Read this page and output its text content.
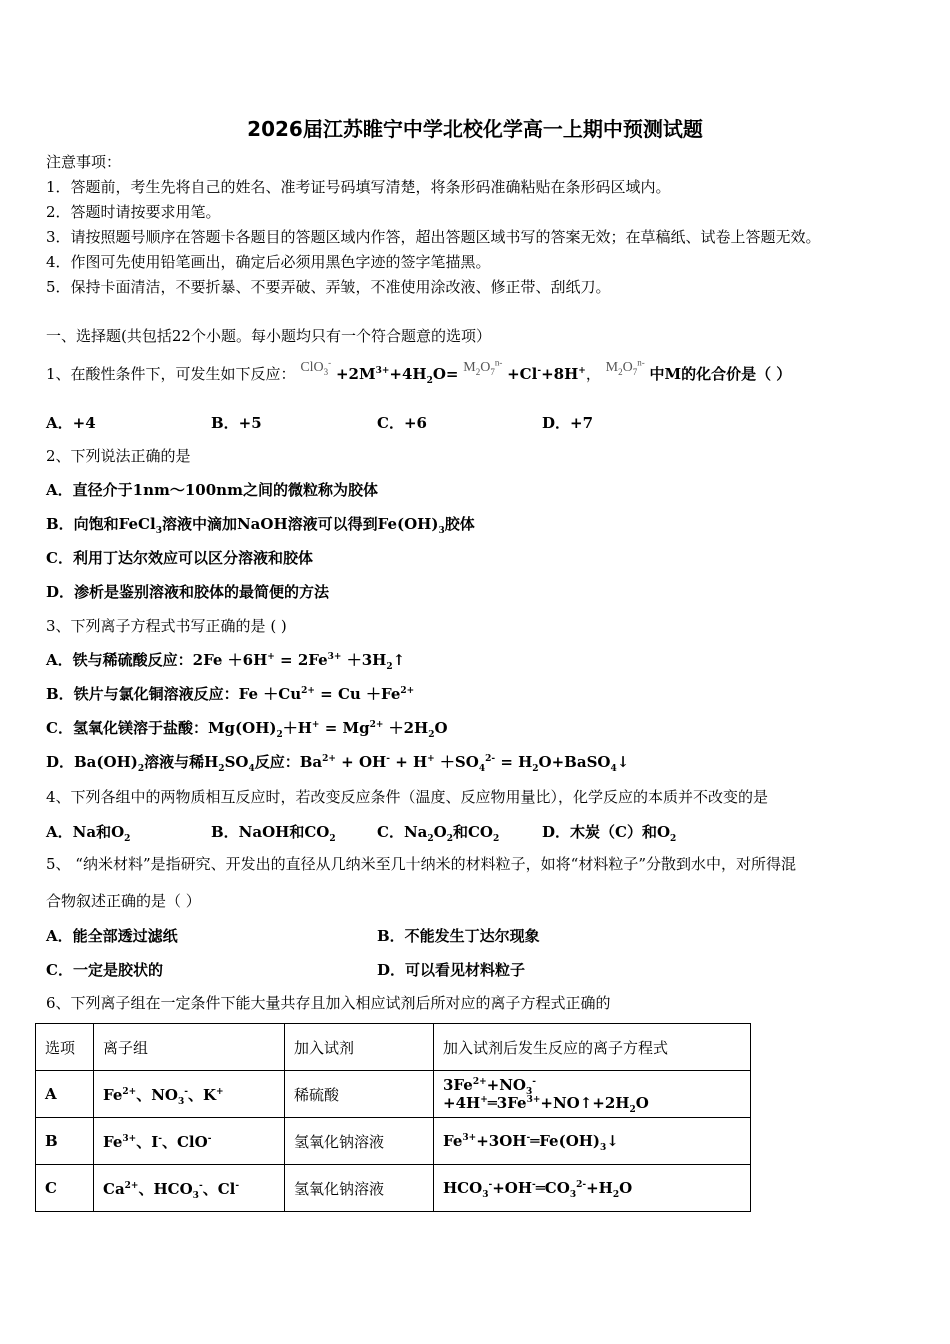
2026届江苏睢宁中学北校化学高一上期中预测试题
注意事项：
1．答题前，考生先将自己的姓名、准考证号码填写清楚，将条形码准确粘贴在条形码区域内。
2．答题时请按要求用笔。
3．请按照题号顺序在答题卡各题目的答题区域内作答，超出答题区域书写的答案无效；在草稿纸、试卷上答题无效。
4．作图可先使用铅笔画出，确定后必须用黑色字迹的签字笔描黑。
5．保持卡面清洁，不要折暴、不要弄破、弄皱，不准使用涂改液、修正带、刮纸刀。
一、选择题(共包括22个小题。每小题均只有一个符合题意的选项）
1、在酸性条件下，可发生如下反应： $ClO_3^- +2M^{3+}+4H_2O= M_2O_7^{n-} +Cl^-+8H^+$， $M_2O_7^{n-}$ 中M的化合价是（ ）
A．+4	B．+5	C．+6	D．+7
2、下列说法正确的是
A．直径介于1nm～100nm之间的微粒称为胶体
B．向饱和FeCl$_3$溶液中滴加NaOH溶液可以得到$Fe(OH)_3$胶体
C．利用丁达尔效应可以区分溶液和胶体
D．渗析是鉴别溶液和胶体的最简便的方法
3、下列离子方程式书写正确的是 ( )
A．铁与稀硫酸反应：$2Fe +6H^+ = 2Fe^{3+}$ $+3H_2↑$
B．铁片与氯化铜溶液反应：$Fe +Cu^{2+} = Cu +Fe^{2+}$
C．氢氧化镁溶于盐酸：$Mg(OH)_2+H^+ = Mg^{2+} +2H_2O$
D．$Ba(OH)_2$溶液与稀$H_2SO_4$反应：$Ba^{2+} + OH^- + H^+ +SO_4^{2-}$ = $H_2O+BaSO_4↓$
4、下列各组中的两物质相互反应时，若改变反应条件（温度、反应物用量比），化学反应的本质并不改变的是
A．Na和$O_2$	B．NaOH和$CO_2$	C．$Na_2O_2$和$CO_2$	D．木炭（C）和$O_2$
5、 “纳米材料”是指研究、开发出的直径从几纳米至几十纳米的材料粒子，如将“材料粒子”分散到水中，对所得混
合物叙述正确的是（ ）
A．能全部透过滤纸	B．不能发生丁达尔现象
C．一定是胶状的	D．可以看见材料粒子
6、下列离子组在一定条件下能大量共存且加入相应试剂后所对应的离子方程式正确的
选项	离子组	加入试剂	加入试剂后发生反应的离子方程式
A	$Fe^{2+}$、$NO_3^-$、K+	稀硫酸	$3Fe^{2+}+NO_3^-+4H^+═3Fe^{3+}+NO↑+2H_2O$
B	$Fe^{3+}$、I-、ClO-	氢氧化钠溶液	$Fe^{3+}+3OH^-═Fe(OH)_3↓$
C	$Ca^{2+}$、$HCO_3^-$、Cl-	氢氧化钠溶液	$HCO_3^-+OH^-═CO_3^{2-}+H_2O$
